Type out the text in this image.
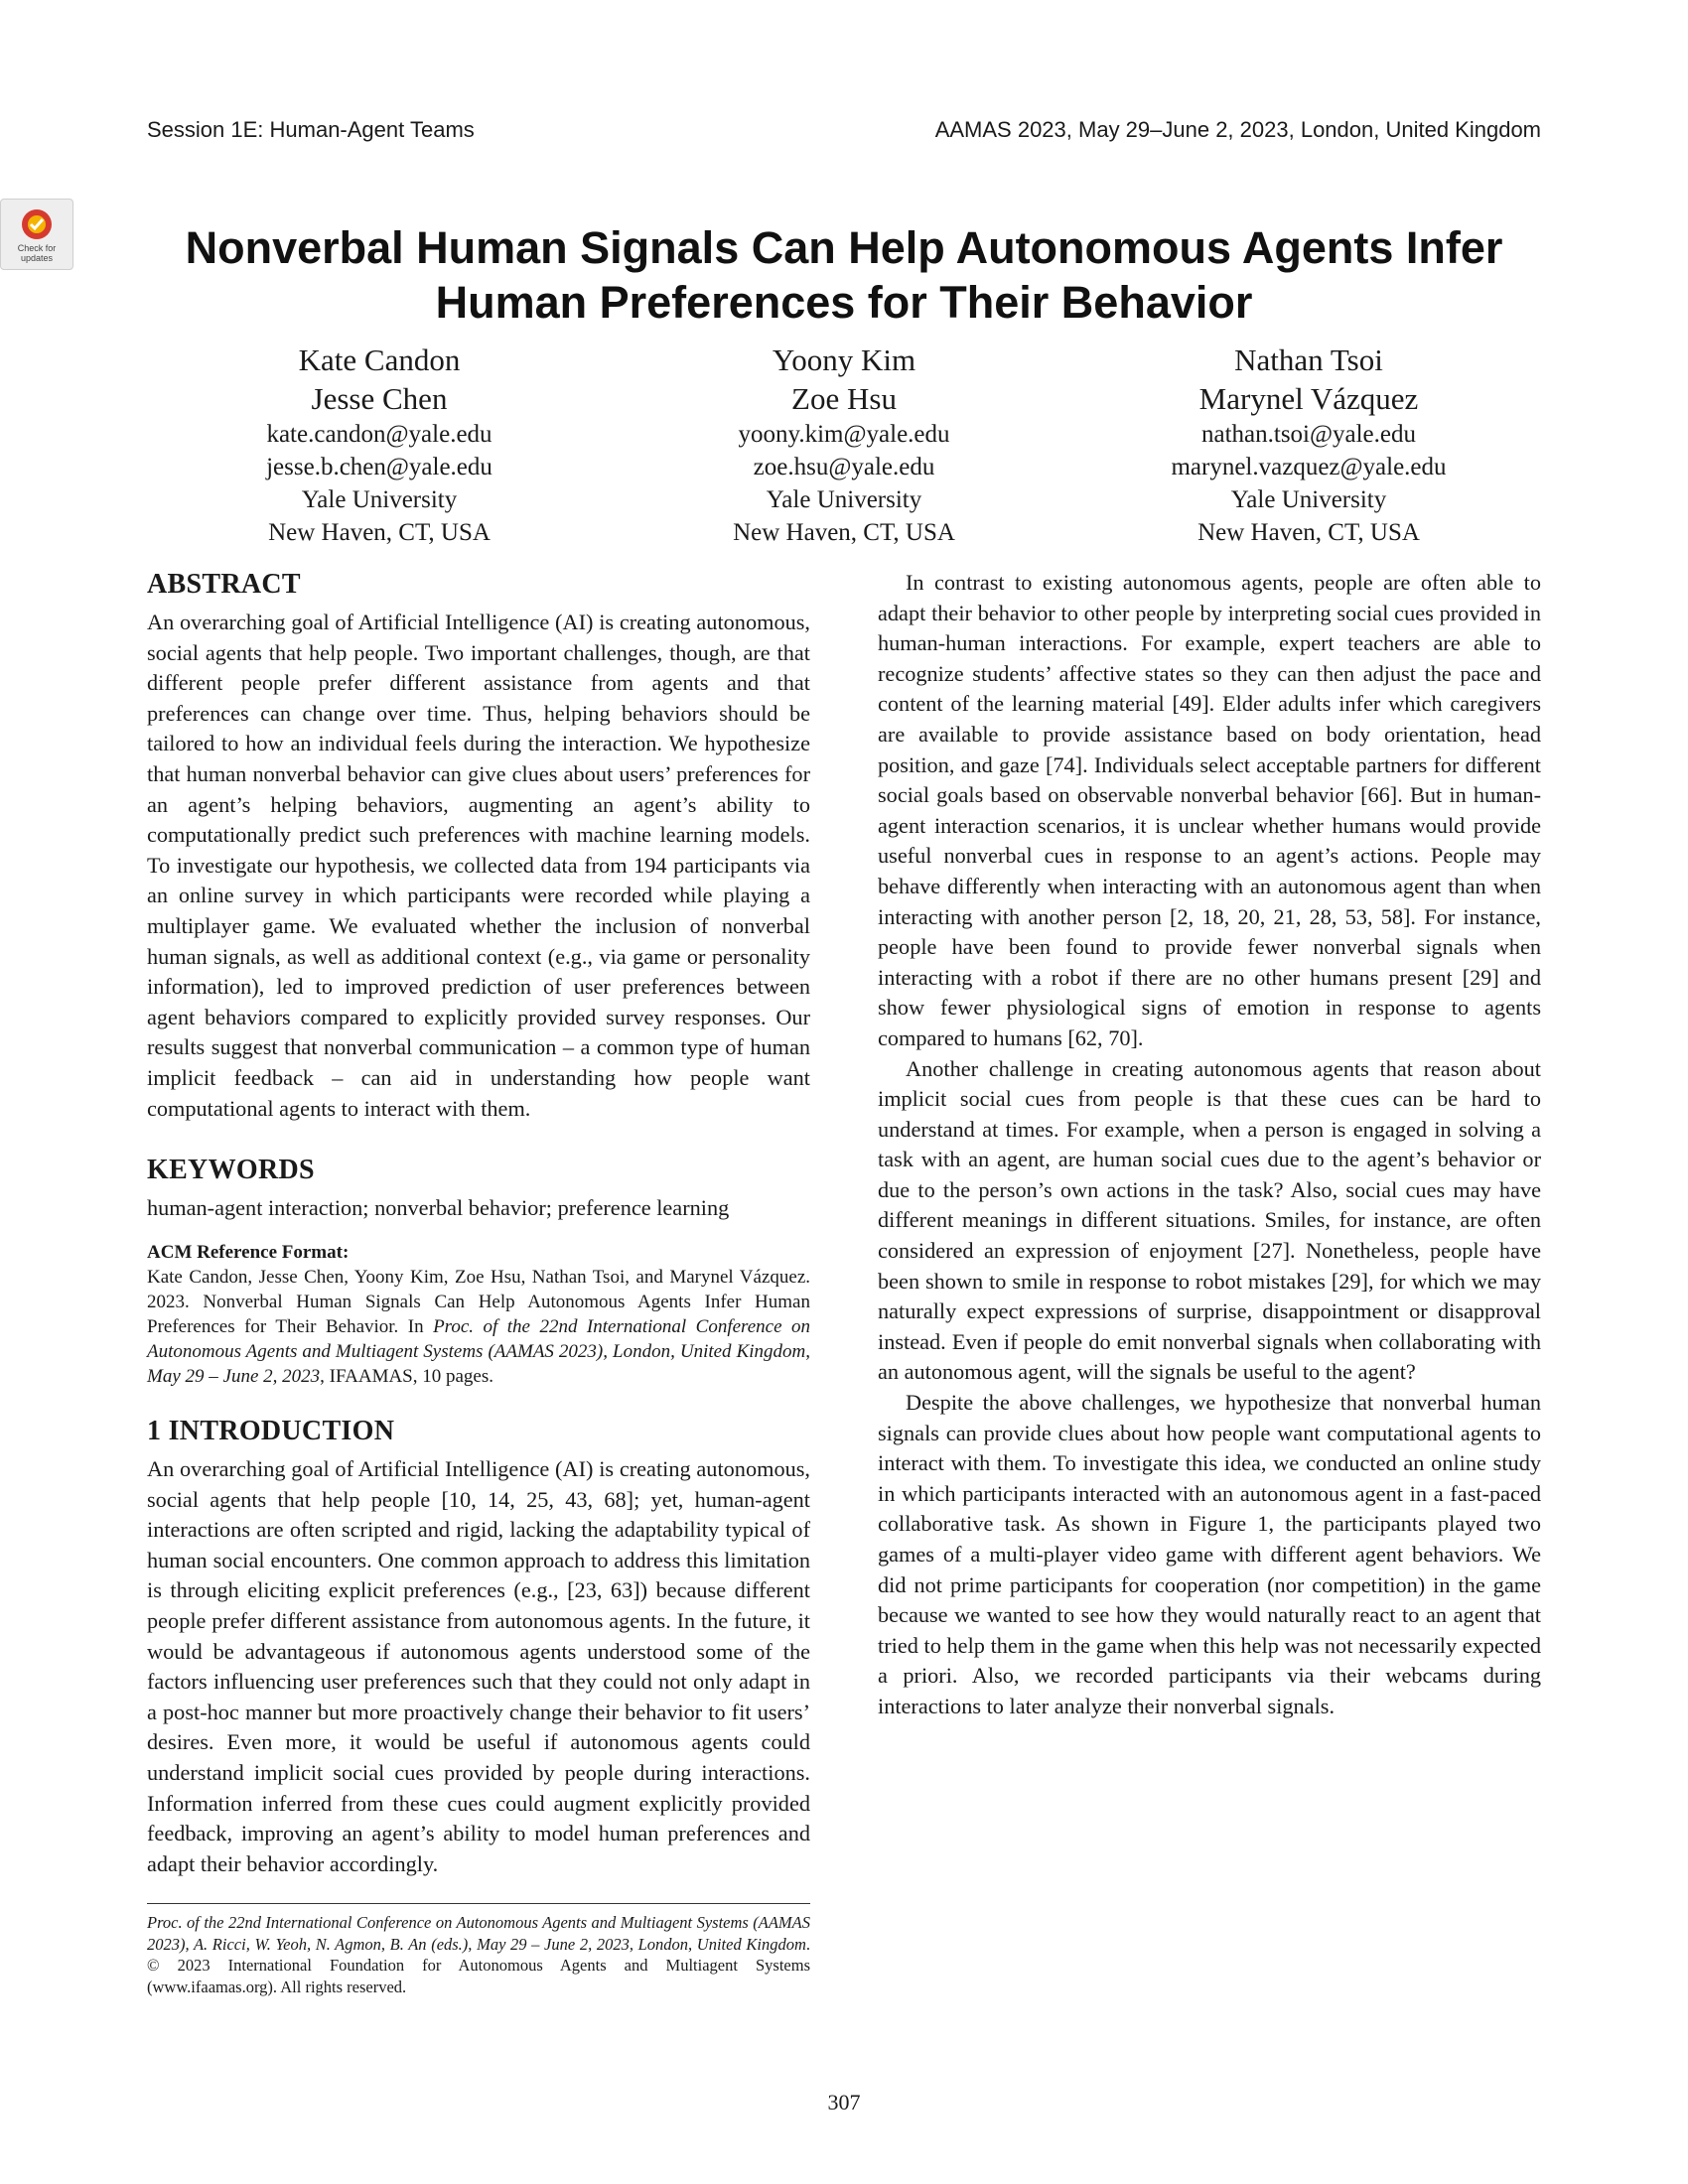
Session 1E: Human-Agent Teams	AAMAS 2023, May 29–June 2, 2023, London, United Kingdom
Check for
updates	Nonverbal Human Signals Can Help Autonomous Agents Infer
Human Preferences for Their Behavior
Kate Candon
Jesse Chen
kate.candon@yale.edu
jesse.b.chen@yale.edu
Yale University
New Haven, CT, USA
Yoony Kim
Zoe Hsu
yoony.kim@yale.edu
zoe.hsu@yale.edu
Yale University
New Haven, CT, USA
Nathan Tsoi
Marynel Vázquez
nathan.tsoi@yale.edu
marynel.vazquez@yale.edu
Yale University
New Haven, CT, USA
ABSTRACT

An overarching goal of Artificial Intelligence (AI) is creating autonomous, social agents that help people. Two important challenges, though, are that different people prefer different assistance from agents and that preferences can change over time. Thus, helping behaviors should be tailored to how an individual feels during the interaction. We hypothesize that human nonverbal behavior can give clues about users’ preferences for an agent’s helping behaviors, augmenting an agent’s ability to computationally predict such preferences with machine learning models. To investigate our hypothesis, we collected data from 194 participants via an online survey in which participants were recorded while playing a multiplayer game. We evaluated whether the inclusion of nonverbal human signals, as well as additional context (e.g., via game or personality information), led to improved prediction of user preferences between agent behaviors compared to explicitly provided survey responses. Our results suggest that nonverbal communication – a common type of human implicit feedback – can aid in understanding how people want computational agents to interact with them.

KEYWORDS

human-agent interaction; nonverbal behavior; preference learning

ACM Reference Format:

Kate Candon, Jesse Chen, Yoony Kim, Zoe Hsu, Nathan Tsoi, and Marynel Vázquez. 2023. Nonverbal Human Signals Can Help Autonomous Agents Infer Human Preferences for Their Behavior. In Proc. of the 22nd International Conference on Autonomous Agents and Multiagent Systems (AAMAS 2023), London, United Kingdom, May 29 – June 2, 2023, IFAAMAS, 10 pages.

1 INTRODUCTION

An overarching goal of Artificial Intelligence (AI) is creating autonomous, social agents that help people [10, 14, 25, 43, 68]; yet, human-agent interactions are often scripted and rigid, lacking the adaptability typical of human social encounters. One common approach to address this limitation is through eliciting explicit preferences (e.g., [23, 63]) because different people prefer different assistance from autonomous agents. In the future, it would be advantageous if autonomous agents understood some of the factors influencing user preferences such that they could not only adapt in a post-hoc manner but more proactively change their behavior to fit users’ desires. Even more, it would be useful if autonomous agents could understand implicit social cues provided by people during interactions. Information inferred from these cues could augment explicitly provided feedback, improving an agent’s ability to model human preferences and adapt their behavior accordingly.

Proc. of the 22nd International Conference on Autonomous Agents and Multiagent Systems (AAMAS 2023), A. Ricci, W. Yeoh, N. Agmon, B. An (eds.), May 29 – June 2, 2023, London, United Kingdom. © 2023 International Foundation for Autonomous Agents and Multiagent Systems (www.ifaamas.org). All rights reserved.

In contrast to existing autonomous agents, people are often able to adapt their behavior to other people by interpreting social cues provided in human-human interactions. For example, expert teachers are able to recognize students’ affective states so they can then adjust the pace and content of the learning material [49]. Elder adults infer which caregivers are available to provide assistance based on body orientation, head position, and gaze [74]. Individuals select acceptable partners for different social goals based on observable nonverbal behavior [66]. But in human-agent interaction scenarios, it is unclear whether humans would provide useful nonverbal cues in response to an agent’s actions. People may behave differently when interacting with an autonomous agent than when interacting with another person [2, 18, 20, 21, 28, 53, 58]. For instance, people have been found to provide fewer nonverbal signals when interacting with a robot if there are no other humans present [29] and show fewer physiological signs of emotion in response to agents compared to humans [62, 70].

Another challenge in creating autonomous agents that reason about implicit social cues from people is that these cues can be hard to understand at times. For example, when a person is engaged in solving a task with an agent, are human social cues due to the agent’s behavior or due to the person’s own actions in the task? Also, social cues may have different meanings in different situations. Smiles, for instance, are often considered an expression of enjoyment [27]. Nonetheless, people have been shown to smile in response to robot mistakes [29], for which we may naturally expect expressions of surprise, disappointment or disapproval instead. Even if people do emit nonverbal signals when collaborating with an autonomous agent, will the signals be useful to the agent?

Despite the above challenges, we hypothesize that nonverbal human signals can provide clues about how people want computational agents to interact with them. To investigate this idea, we conducted an online study in which participants interacted with an autonomous agent in a fast-paced collaborative task. As shown in Figure 1, the participants played two games of a multi-player video game with different agent behaviors. We did not prime participants for cooperation (nor competition) in the game because we wanted to see how they would naturally react to an agent that tried to help them in the game when this help was not necessarily expected a priori. Also, we recorded participants via their webcams during interactions to later analyze their nonverbal signals.

307
